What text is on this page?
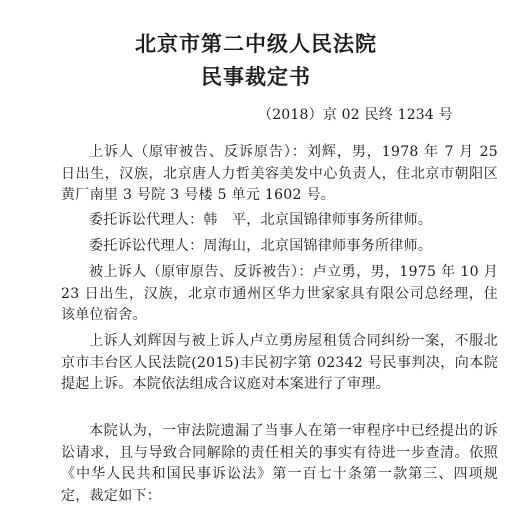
北京市第二中级人民法院
民事裁定书
（2018）京 02 民终 1234 号
上诉人（原审被告、反诉原告）：刘辉，男，1978 年 7 月 25 日出生，汉族，北京唐人力哲美容美发中心负责人，住北京市朝阳区黄厂南里 3 号院 3 号楼 5 单元 1602 号。
委托诉讼代理人：韩　平，北京国锦律师事务所律师。
委托诉讼代理人：周海山，北京国锦律师事务所律师。
被上诉人（原审原告、反诉被告）：卢立勇，男，1975 年 10 月 23 日出生，汉族，北京市通州区华力世家家具有限公司总经理，住该单位宿舍。
上诉人刘辉因与被上诉人卢立勇房屋租赁合同纠纷一案，不服北京市丰台区人民法院(2015)丰民初字第 02342 号民事判决，向本院提起上诉。本院依法组成合议庭对本案进行了审理。
本院认为，一审法院遗漏了当事人在第一审程序中已经提出的诉讼请求，且与导致合同解除的责任相关的事实有待进一步查清。依照《中华人民共和国民事诉讼法》第一百七十条第一款第三、四项规定，裁定如下：
